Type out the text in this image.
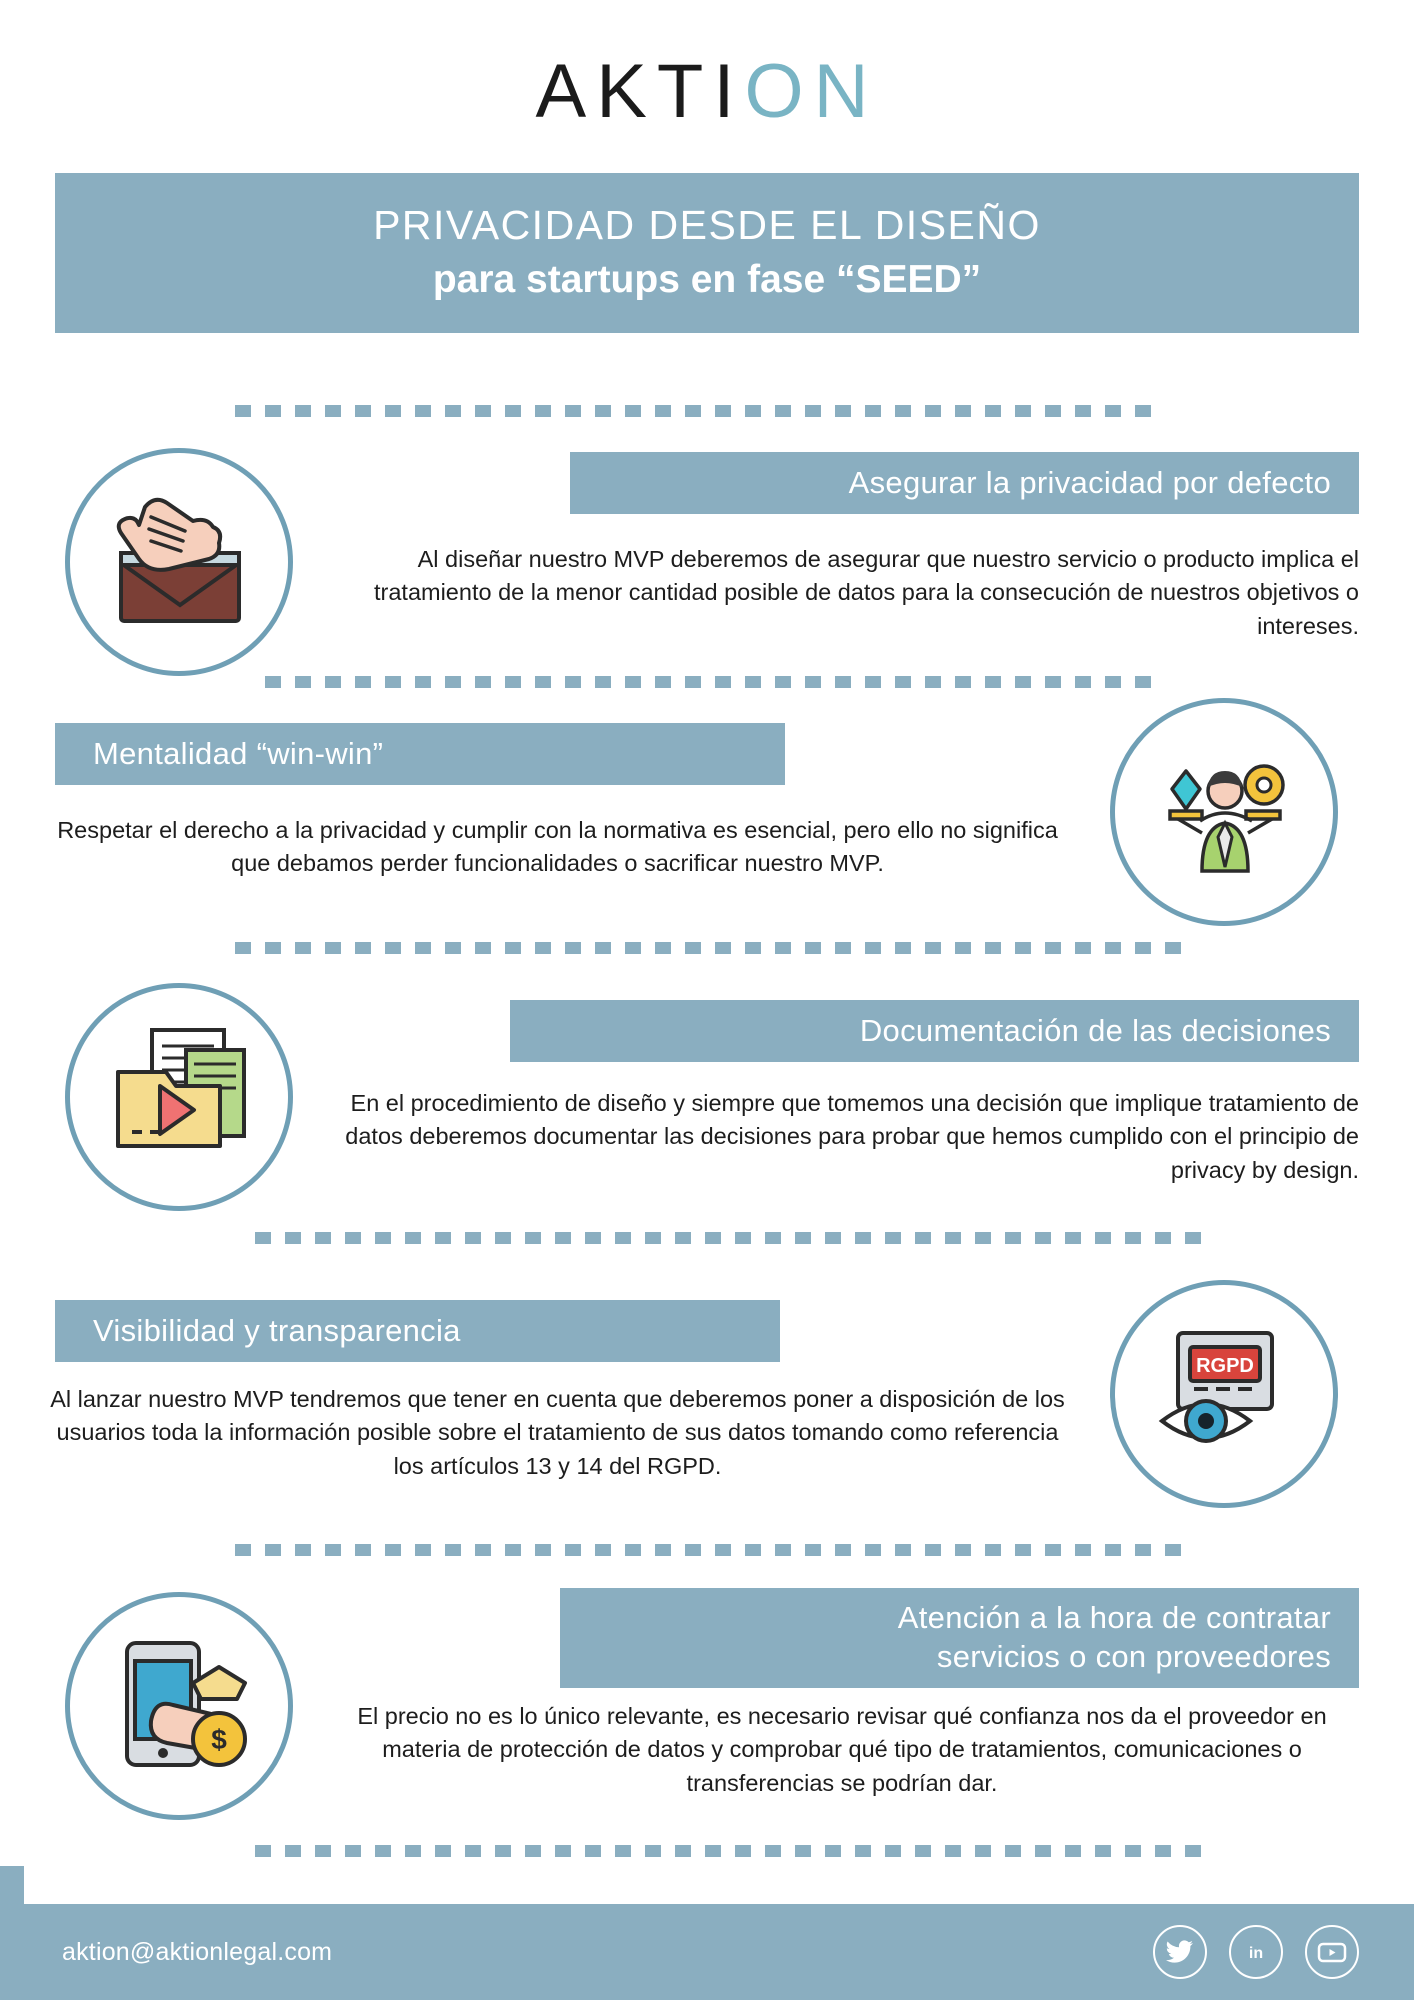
AKTION
PRIVACIDAD DESDE EL DISEÑO
para startups en fase “SEED”
Asegurar la privacidad por defecto
Al diseñar nuestro MVP deberemos de asegurar que nuestro servicio o producto implica el tratamiento de la menor cantidad posible de datos para la consecución de nuestros objetivos o intereses.
Mentalidad “win-win”
Respetar el derecho a la privacidad y cumplir con la normativa es esencial, pero ello no significa que debamos perder funcionalidades o sacrificar nuestro MVP.
Documentación de las decisiones
En el procedimiento de diseño y siempre que tomemos una decisión que implique tratamiento de datos deberemos documentar las decisiones para probar que hemos cumplido con el principio de privacy by design.
RGPD
Visibilidad y transparencia
Al lanzar nuestro MVP tendremos que tener en cuenta que deberemos poner a disposición de los usuarios toda la información posible sobre el tratamiento de sus datos tomando como referencia los artículos 13 y 14 del RGPD.
$
Atención a la hora de contratar
servicios o con proveedores
El precio no es lo único relevante, es necesario revisar qué confianza nos da el proveedor en materia de protección de datos y comprobar qué tipo de tratamientos, comunicaciones o transferencias se podrían dar.
aktion@aktionlegal.com	in
